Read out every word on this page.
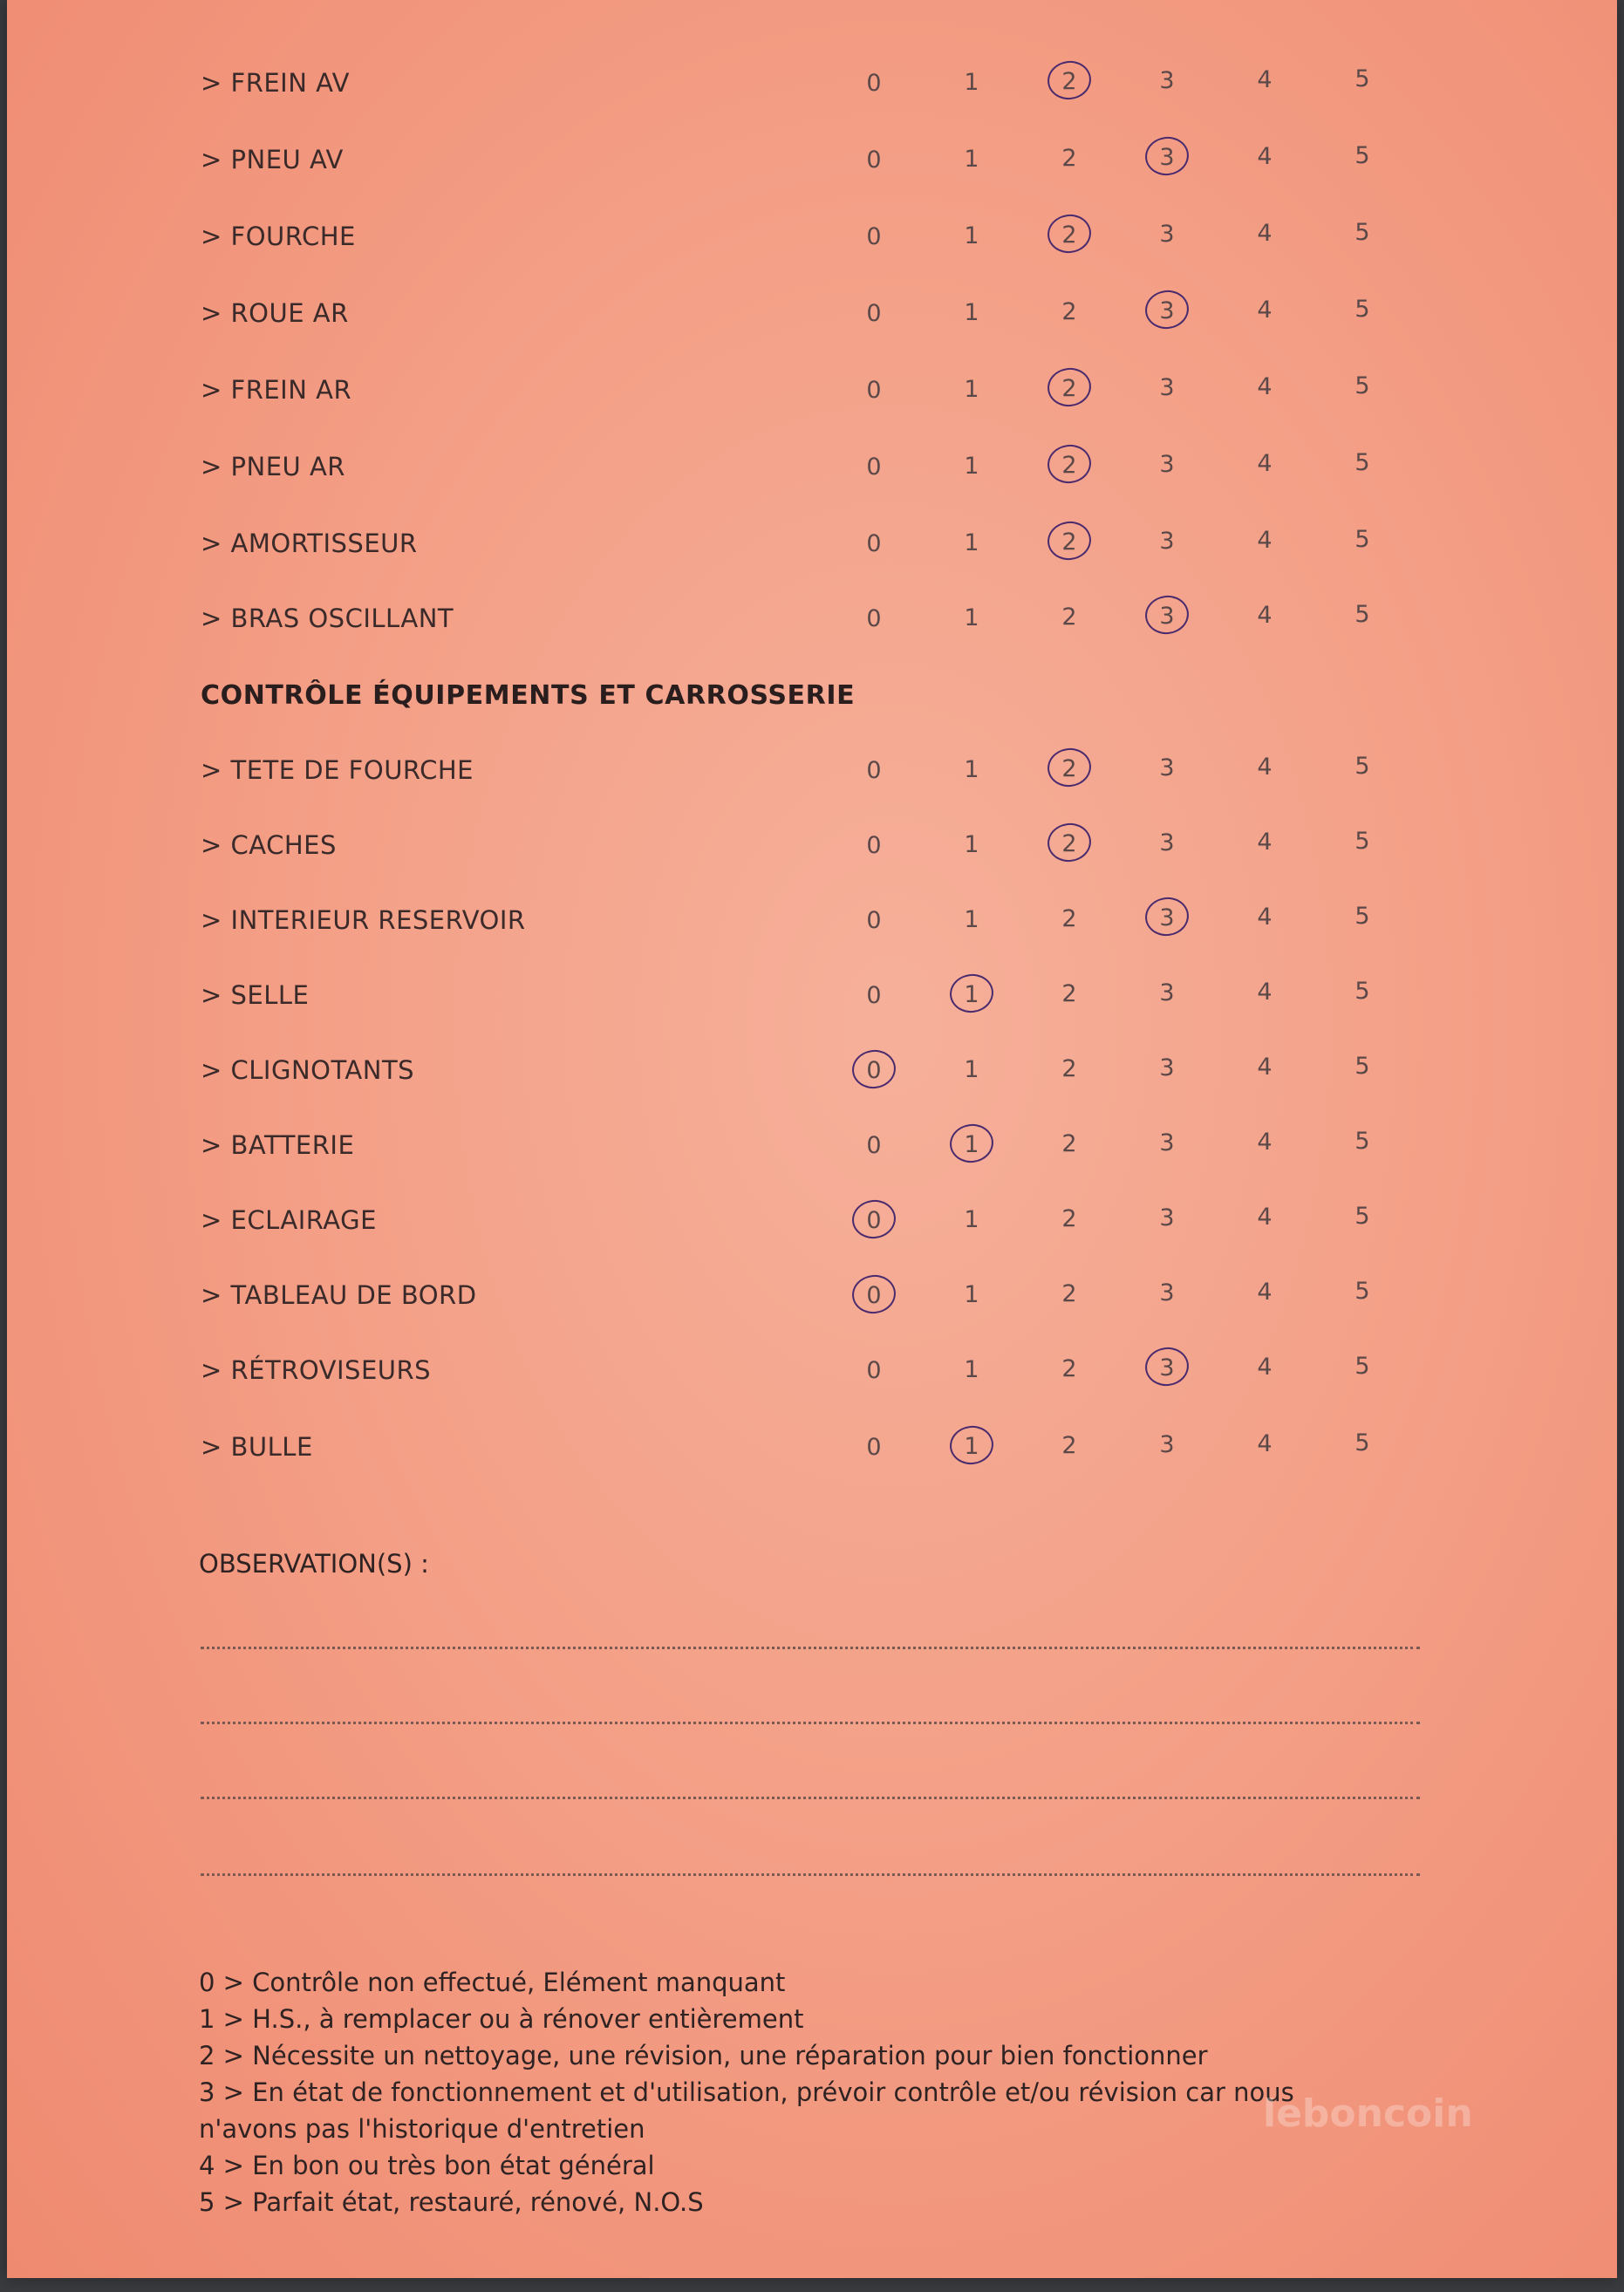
> FREIN AV	0	1	2	3	4	5
> PNEU AV	0	1	2	3	4	5
> FOURCHE	0	1	2	3	4	5
> ROUE AR	0	1	2	3	4	5
> FREIN AR	0	1	2	3	4	5
> PNEU AR	0	1	2	3	4	5
> AMORTISSEUR	0	1	2	3	4	5
> BRAS OSCILLANT	0	1	2	3	4	5
> TETE DE FOURCHE	0	1	2	3	4	5
> CACHES	0	1	2	3	4	5
> INTERIEUR RESERVOIR	0	1	2	3	4	5
> SELLE	0	1	2	3	4	5
> CLIGNOTANTS	0	1	2	3	4	5
> BATTERIE	0	1	2	3	4	5
> ECLAIRAGE	0	1	2	3	4	5
> TABLEAU DE BORD	0	1	2	3	4	5
> RÉTROVISEURS	0	1	2	3	4	5
> BULLE	0	1	2	3	4	5
CONTRÔLE ÉQUIPEMENTS ET CARROSSERIE
OBSERVATION(S) :
0 > Contrôle non effectué, Elément manquant
1 > H.S., à remplacer ou à rénover entièrement
2 > Nécessite un nettoyage, une révision, une réparation pour bien fonctionner
3 > En état de fonctionnement et d'utilisation, prévoir contrôle et/ou révision car nous
n'avons pas l'historique d'entretien
4 > En bon ou très bon état général
5 > Parfait état, restauré, rénové, N.O.S
leboncoin
